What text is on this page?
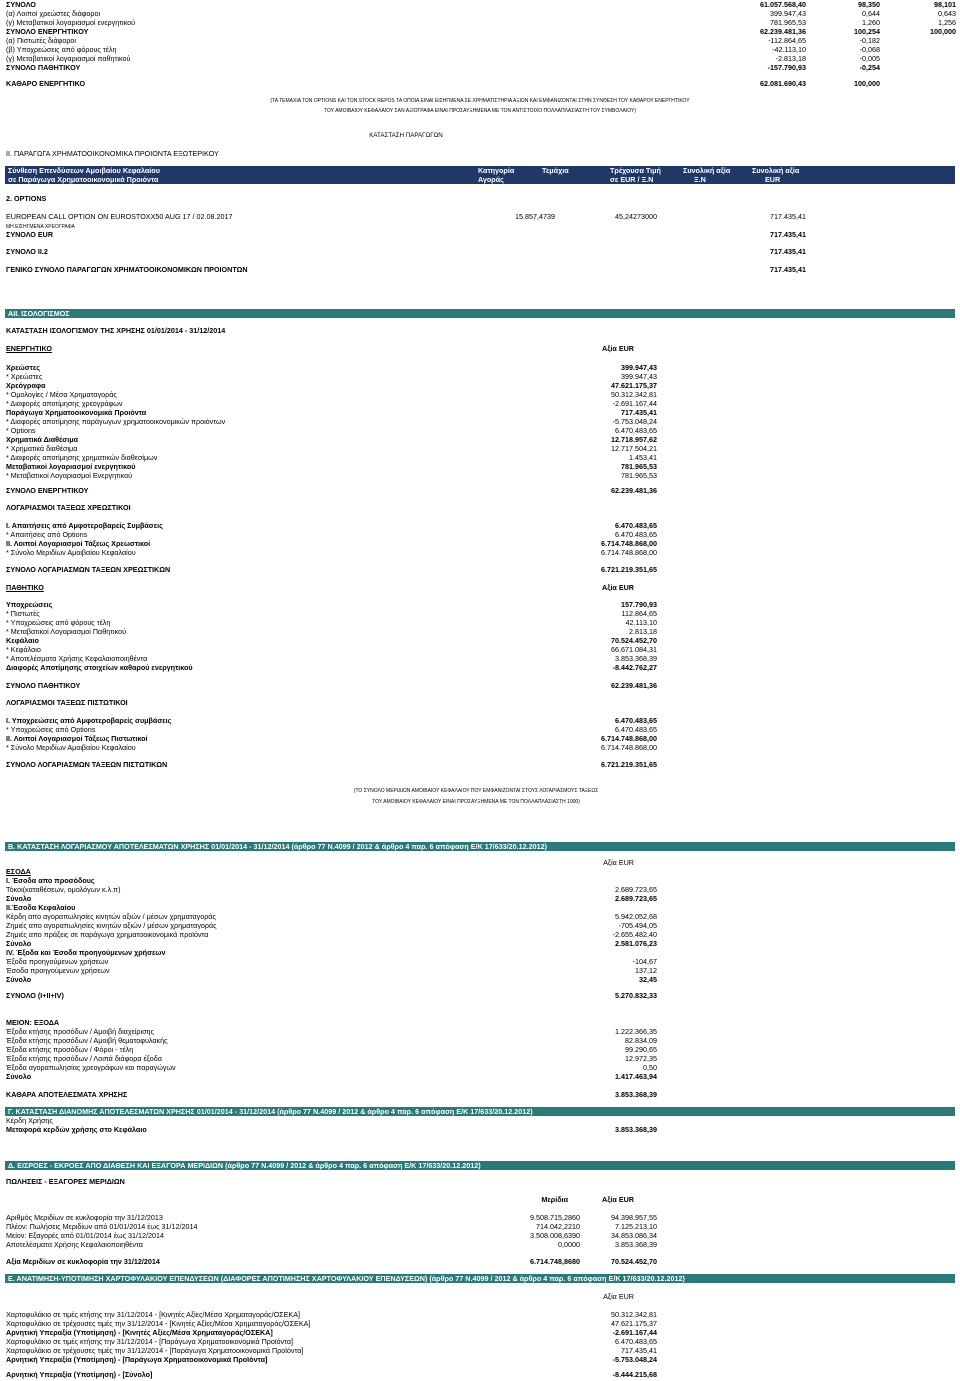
ΣΥΝΟΛΟ	61.057.568,40	98,350	98,101
(α) Λοιποί χρεώστες διάφοροι	399.947,43	0,644	0,643
(γ) Μεταβατικοί λογαριασμοί ενεργητικού	781.965,53	1,260	1,256
ΣΥΝΟΛΟ ΕΝΕΡΓΗΤΙΚΟΥ	62.239.481,36	100,254	100,000
(α) Πιστωτές διάφοροι	-112.864,65	-0,182
(β) Υποχρεώσεις από φόρους τέλη	-42.113,10	-0,068
(γ) Μεταβατικοί λογαριασμοί παθητικού	-2.813,18	-0,005
ΣΥΝΟΛΟ ΠΑΘΗΤΙΚΟΥ	-157.790,93	-0,254
ΚΑΘΑΡΟ ΕΝΕΡΓΗΤΙΚΟ	62.081.690,43	100,000
(ΤΑ ΤΕΜΑΧΙΑ ΤΩΝ OPTIONS ΚΑΙ ΤΩΝ STOCK REPOS ΤΑ ΟΠΟΙΑ ΕΙΝΑΙ ΕΙΣΗΓΜΕΝΑ ΣΕ ΧΡΗΜΑΤΙΣΤΗΡΙΑ ΑΞΙΩΝ ΚΑΙ ΕΜΦΑΝΙΖΟΝΤΑΙ ΣΤΗΝ ΣΥΝΘΕΣΗ ΤΟΥ ΚΑΘΑΡΟΥ ΕΝΕΡΓΗΤΙΚΟΥ
ΤΟΥ ΑΜΟΙΒΑΙΟΥ ΚΕΦΑΛΑΙΟΥ ΣΑΝ ΑΞΙΟΓΡΑΦΑ ΕΙΝΑΙ ΠΡΟΣΑΥΞΗΜΕΝΑ ΜΕ ΤΟΝ ΑΝΤΙΣΤΟΙΧΟ ΠΟΛΛΑΠΛΑΣΙΑΣΤΗ ΤΟΥ ΣΥΜΒΟΛΑΙΟΥ)
ΚΑΤΑΣΤΑΣΗ ΠΑΡΑΓΩΓΩΝ
ΙΙ. ΠΑΡΑΓΩΓΑ ΧΡΗΜΑΤΟΟΙΚΟΝΟΜΙΚΑ ΠΡΟΙΟΝΤΑ ΕΞΩΤΕΡΙΚΟΥ
Σύνθεση Επενδύσεων Αμοιβαίου Κεφαλαίου	Κατηγορία	Τεμάχια	Τρέχουσα Τιμή	Συνολική αξία	Συνολική αξία
σε Παράγωγα Χρηματοοικονομικά Προιόντα	Αγοράς	σε EUR / Ξ.Ν	Ξ.Ν	EUR
2. OPTIONS
EUROPEAN CALL OPTION ON EUROSTOXX50 AUG 17 / 02.08.2017	15.857,4739	45,24273000	717.435,41
ΜΗ ΕΙΣΗΓΜΕΝΑ ΧΡΕΟΓΡΑΦΑ
ΣΥΝΟΛΟ EUR	717.435,41
ΣΥΝΟΛΟ ΙΙ.2	717.435,41
ΓΕΝΙΚΟ ΣΥΝΟΛΟ ΠΑΡΑΓΩΓΩΝ ΧΡΗΜΑΤΟΟΙΚΟΝΟΜΙΚΩΝ ΠΡΟΙΟΝΤΩΝ	717.435,41
ΑΙΙ. ΙΣΟΛΟΓΙΣΜΟΣ
ΚΑΤΑΣΤΑΣΗ ΙΣΟΛΟΓΙΣΜΟΥ ΤΗΣ ΧΡΗΣΗΣ 01/01/2014 - 31/12/2014
ΕΝΕΡΓΗΤΙΚΟ	Αξία EUR
Χρεώστες	399.947,43
* Χρεώστες	399.947,43
Χρεόγραφα	47.621.175,37
* Ομολογίες / Μέσα Χρηματαγοράς	50.312.342,81
* Διαφορές αποτίμησης χρεογράφων	-2.691.167,44
Παράγωγα Χρηματοοικονομικά Προιόντα	717.435,41
* Διαφορές αποτίμησης παράγωγων χρηματοοικονομικών προιόντων	-5.753.048,24
* Options	6.470.483,65
Χρηματικά Διαθέσιμα	12.718.957,62
* Χρηματικά διαθέσιμα	12.717.504,21
* Διαφορές αποτίμησης χρηματικών διαθεσίμων	1.453,41
Μεταβατικοί λογαριασμοί ενεργητικού	781.965,53
* Μεταβατικοί Λογαριασμοί Ενεργητικού	781.965,53
ΣΥΝΟΛΟ ΕΝΕΡΓΗΤΙΚΟΥ	62.239.481,36
ΛΟΓΑΡΙΑΣΜΟΙ ΤΑΞΕΩΣ ΧΡΕΩΣΤΙΚΟΙ
Ι. Απαιτήσεις από Αμφοτεροβαρείς Συμβάσεις	6.470.483,65
* Απαιτήσεις από Options	6.470.483,65
ΙΙ. Λοιποί Λογαριασμοί Τάξεως Χρεωστικοί	6.714.748.868,00
* Σύνολο Μεριδίων Αμοιβαίου Κεφαλαίου	6.714.748.868,00
ΣΥΝΟΛΟ ΛΟΓΑΡΙΑΣΜΩΝ ΤΑΞΕΩΝ ΧΡΕΩΣΤΙΚΩΝ	6.721.219.351,65
ΠΑΘΗΤΙΚΟ	Αξία EUR
Υποχρεώσεις	157.790,93
* Πιστωτές	112.864,65
* Υποχρεώσεις από φόρους τέλη	42.113,10
* Μεταβατικοί Λογαριασμοί Παθητικού	2.813,18
Κεφάλαιο	70.524.452,70
* Κεφάλαιο	66.671.084,31
* Αποτελέσματα Χρήσης Κεφαλαιοποιηθέντα	3.853.368,39
Διαφορές Αποτίμησης στοιχείων καθαρού ενεργητικού	-8.442.762,27
ΣΥΝΟΛΟ ΠΑΘΗΤΙΚΟΥ	62.239.481,36
ΛΟΓΑΡΙΑΣΜΟΙ ΤΑΞΕΩΣ ΠΙΣΤΩΤΙΚΟΙ
Ι. Υποχρεώσεις από Αμφοτεροβαρείς συμβάσεις	6.470.483,65
* Υποχρεώσεις από Options	6.470.483,65
ΙΙ. Λοιποί Λογαριασμοί Τάξεως Πιστωτικοί	6.714.748.868,00
* Σύνολο Μεριδίων Αμοιβαίου Κεφαλαίου	6.714.748.868,00
ΣΥΝΟΛΟ ΛΟΓΑΡΙΑΣΜΩΝ ΤΑΞΕΩΝ ΠΙΣΤΩΤΙΚΩΝ	6.721.219.351,65
(ΤΟ ΣΥΝΟΛΟ ΜΕΡΙΔΙΩΝ ΑΜΟΙΒΑΙΟΥ ΚΕΦΑΛΑΙΟΥ ΠΟΥ ΕΜΦΑΝΙΖΟΝΤΑΙ ΣΤΟΥΣ ΛΟΓΑΡΙΑΣΜΟΥΣ ΤΑΞΕΩΣ
ΤΟΥ ΑΜΟΙΒΑΙΟΥ ΚΕΦΑΛΑΙΟΥ ΕΙΝΑΙ ΠΡΟΣΑΥΞΗΜΕΝΑ ΜΕ ΤΟΝ ΠΟΛΛΑΠΛΑΣΙΑΣΤΗ 1000)
Β. ΚΑΤΑΣΤΑΣΗ ΛΟΓΑΡΙΑΣΜΟΥ ΑΠΟΤΕΛΕΣΜΑΤΩΝ ΧΡΗΣΗΣ 01/01/2014 - 31/12/2014 (άρθρο 77 Ν.4099 / 2012 & άρθρο 4 παρ. 6 απόφαση Ε/Κ 17/633/20.12.2012)
Αξία EUR
ΕΣΟΔΑ
Ι. Έσοδα απο προσόδους
Τόκοι(καταθέσεων, ομολόγων κ.λ.π)	2.689.723,65
Σύνολο	2.689.723,65
ΙΙ.Έσοδα Κεφαλαίου
Κέρδη απο αγοραπωλησίες κινητών αξιών / μέσων χρηματαγοράς	5.942.052,68
Ζημιές απο αγοραπωλησίες κινητών αξιών / μέσων χρηματαγοράς	-705.494,05
Ζημιές απο πράξεις σε παράγωγα χρηματοοικονομικά προϊόντα	-2.655.482,40
Σύνολο	2.581.076,23
ΙV. Έξοδα και Έσοδα προηγούμενων χρήσεων
Έξοδα προηγούμενων χρήσεων	-104,67
Έσοδα προηγούμενων χρήσεων	137,12
Σύνολο	32,45
ΣΥΝΟΛΟ (Ι+ΙΙ+ΙV)	5.270.832,33
ΜΕΙΟΝ: ΕΞΟΔΑ
Έξοδα κτήσης προσόδων / Αμοιβή διαχείρισης	1.222.366,35
Έξοδα κτήσης προσόδων / Αμοιβή θεματοφυλακής	82.834,09
Έξοδα κτήσης προσόδων / Φόροι - τέλη	99.290,65
Έξοδα κτήσης προσόδων / Λοιπά διάφορα έξοδα	12.972,35
Έξοδα αγοραπωλησίας χρεογράφων και παραγώγων	0,50
Σύνολο	1.417.463,94
ΚΑΘΑΡΑ ΑΠΟΤΕΛΕΣΜΑΤΑ ΧΡΗΣΗΣ	3.853.368,39
Γ. ΚΑΤΑΣΤΑΣΗ ΔΙΑΝΟΜΗΣ ΑΠΟΤΕΛΕΣΜΑΤΩΝ ΧΡΗΣΗΣ 01/01/2014 - 31/12/2014 (άρθρο 77 Ν.4099 / 2012 & άρθρο 4 παρ. 6 απόφαση Ε/Κ 17/633/20.12.2012)
Κέρδη Χρήσης
Μεταφορά κερδών χρήσης στο Κεφάλαιο	3.853.368,39
Δ. ΕΙΣΡΟΕΣ - ΕΚΡΟΕΣ ΑΠΟ ΔΙΑΘΕΣΗ ΚΑΙ ΕΞΑΓΟΡΑ ΜΕΡΙΔΙΩΝ (άρθρο 77 Ν.4099 / 2012 & άρθρο 4 παρ. 6 απόφαση Ε/Κ 17/633/20.12.2012)
ΠΩΛΗΣΕΙΣ - ΕΞΑΓΟΡΕΣ ΜΕΡΙΔΙΩΝ
Μερίδια	Αξία EUR
Αριθμός Μεριδίων σε κυκλοφορία την 31/12/2013	9.508.715,2860	94.398.957,55
Πλέον: Πωλήσεις Μεριδίων από 01/01/2014 έως 31/12/2014	714.042,2210	7.125.213,10
Μείον: Εξαγορές από 01/01/2014 έως 31/12/2014	3.508.008,6390	34.853.086,34
Αποτελέσματα Χρήσης Κεφαλαιοποιηθέντα	0,0000	3.853.368,39
Αξία Μεριδίων σε κυκλοφορία την 31/12/2014	6.714.748,8680	70.524.452,70
Ε. ΑΝΑΤΙΜΗΣΗ-ΥΠΟΤΙΜΗΣΗ ΧΑΡΤΟΦΥΛΑΚΙΟΥ ΕΠΕΝΔΥΣΕΩΝ (ΔΙΑΦΟΡΕΣ ΑΠΟΤΙΜΗΣΗΣ ΧΑΡΤΟΦΥΛΑΚΙΟΥ ΕΠΕΝΔΥΣΕΩΝ) (άρθρο 77 Ν.4099 / 2012 & άρθρο 4 παρ. 6 απόφαση Ε/Κ 17/633/20.12.2012)
Αξία EUR
Χαρτοφυλάκιο σε τιμές κτήσης την 31/12/2014 - [Κινητές Αξίες/Μέσα Χρηματαγοράς/ΟΣΕΚΑ]	50.312.342,81
Χαρτοφυλάκιο σε τρέχουσες τιμές την 31/12/2014 - [Κινητές Αξίες/Μέσα Χρηματαγοράς/ΟΣΕΚΑ]	47.621.175,37
Αρνητική Υπεραξία (Υποτίμηση) - [Κινητές Αξίες/Μέσα Χρηματαγοράς/ΟΣΕΚΑ]	-2.691.167,44
Χαρτοφυλάκιο σε τιμές κτήσης την 31/12/2014 - [Παράγωγα Χρηματοοικονομικά Προϊόντα]	6.470.483,65
Χαρτοφυλάκιο σε τρέχουσες τιμές την 31/12/2014 - [Παράγωγα Χρηματοοικονομικά Προϊόντα]	717.435,41
Αρνητική Υπεραξία (Υποτίμηση) - [Παράγωγα Χρηματοοικονομικά Προϊόντα]	-5.753.048,24
Αρνητική Υπεραξία (Υποτίμηση) - [Σύνολο]	-8.444.215,68
